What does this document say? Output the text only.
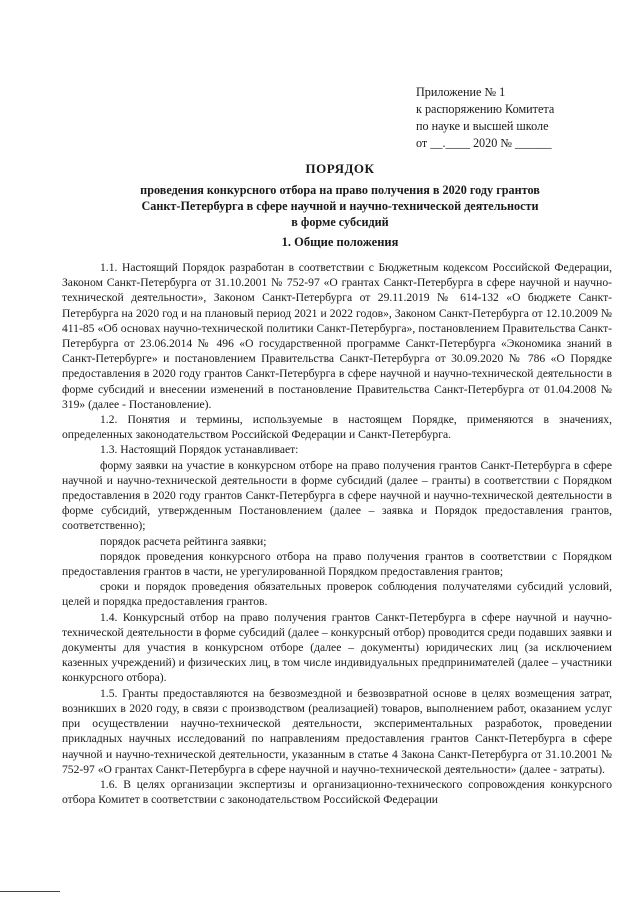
Приложение № 1
к распоряжению Комитета
по науке и высшей школе
от __.____ 2020 № ______
ПОРЯДОК
проведения конкурсного отбора на право получения в 2020 году грантов
Санкт-Петербурга в сфере научной и научно-технической деятельности
в форме субсидий
1. Общие положения

1.1. Настоящий Порядок разработан в соответствии с Бюджетным кодексом Российской Федерации, Законом Санкт-Петербурга от 31.10.2001 № 752-97 «О грантах Санкт-Петербурга в сфере научной и научно-технической деятельности», Законом Санкт-Петербурга от 29.11.2019 № 614-132 «О бюджете Санкт-Петербурга на 2020 год и на плановый период 2021 и 2022 годов», Законом Санкт-Петербурга от 12.10.2009 № 411-85 «Об основах научно-технической политики Санкт-Петербурга», постановлением Правительства Санкт-Петербурга от 23.06.2014 № 496 «О государственной программе Санкт-Петербурга «Экономика знаний в Санкт-Петербурге» и постановлением Правительства Санкт-Петербурга от 30.09.2020 № 786 «О Порядке предоставления в 2020 году грантов Санкт-Петербурга в сфере научной и научно-технической деятельности в форме субсидий и внесении изменений в постановление Правительства Санкт-Петербурга от 01.04.2008 № 319» (далее - Постановление).

1.2. Понятия и термины, используемые в настоящем Порядке, применяются в значениях, определенных законодательством Российской Федерации и Санкт-Петербурга.

1.3. Настоящий Порядок устанавливает:

форму заявки на участие в конкурсном отборе на право получения грантов Санкт-Петербурга в сфере научной и научно-технической деятельности в форме субсидий (далее – гранты) в соответствии с Порядком предоставления в 2020 году грантов Санкт-Петербурга в сфере научной и научно-технической деятельности в форме субсидий, утвержденным Постановлением (далее – заявка и Порядок предоставления грантов, соответственно);

порядок расчета рейтинга заявки;

порядок проведения конкурсного отбора на право получения грантов в соответствии с Порядком предоставления грантов в части, не урегулированной Порядком предоставления грантов;

сроки и порядок проведения обязательных проверок соблюдения получателями субсидий условий, целей и порядка предоставления грантов.

1.4. Конкурсный отбор на право получения грантов Санкт-Петербурга в сфере научной и научно-технической деятельности в форме субсидий (далее – конкурсный отбор) проводится среди подавших заявки и документы для участия в конкурсном отборе (далее – документы) юридических лиц (за исключением казенных учреждений) и физических лиц, в том числе индивидуальных предпринимателей (далее – участники конкурсного отбора).

1.5. Гранты предоставляются на безвозмездной и безвозвратной основе в целях возмещения затрат, возникших в 2020 году, в связи с производством (реализацией) товаров, выполнением работ, оказанием услуг при осуществлении научно-технической деятельности, экспериментальных разработок, проведении прикладных научных исследований по направлениям предоставления грантов Санкт-Петербурга в сфере научной и научно-технической деятельности, указанным в статье 4 Закона Санкт-Петербурга от 31.10.2001 № 752-97 «О грантах Санкт-Петербурга в сфере научной и научно-технической деятельности» (далее - затраты).

1.6. В целях организации экспертизы и организационно-технического сопровождения конкурсного отбора Комитет в соответствии с законодательством Российской Федерации
